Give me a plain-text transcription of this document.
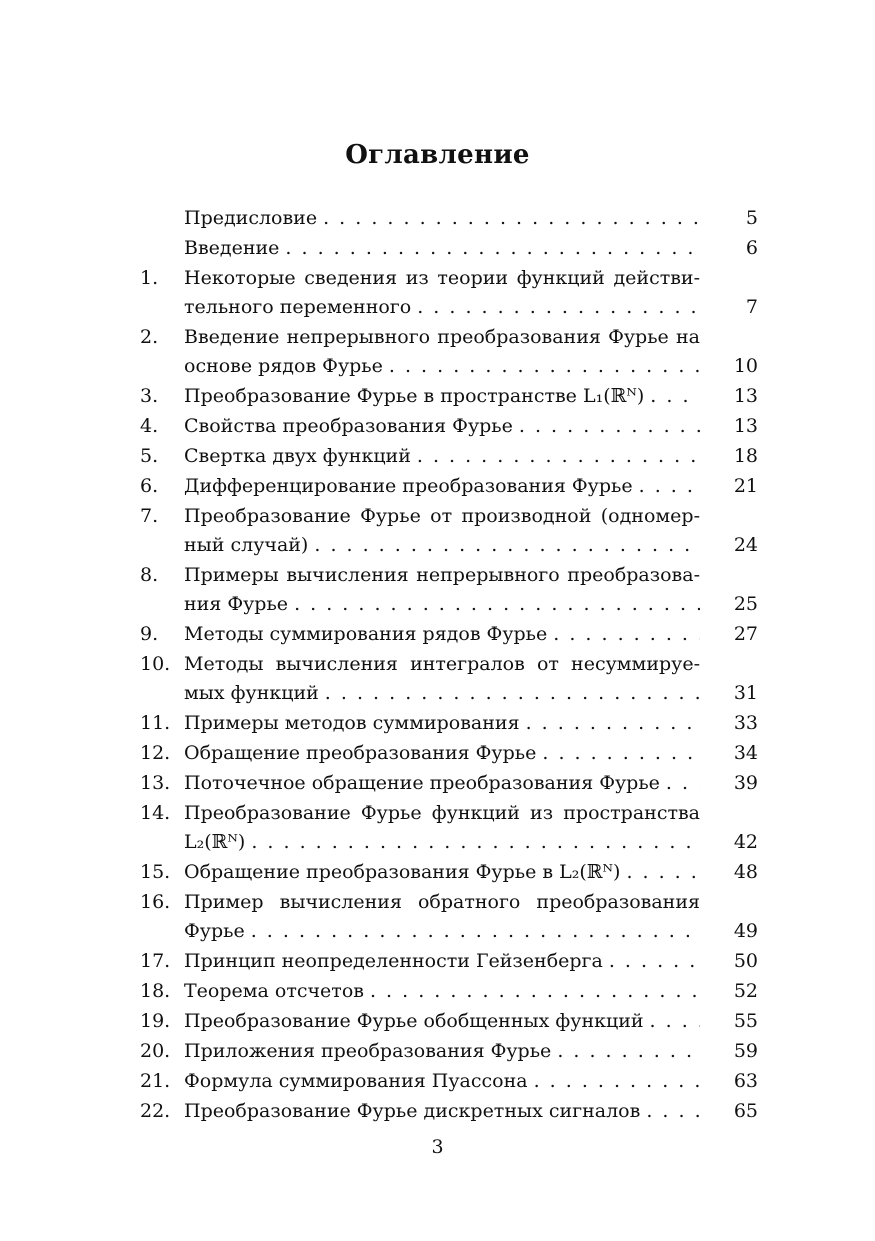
Оглавление
Предисловие . . .	5
Введение . . .	6
1. Некоторые сведения из теории функций действи-
тельного переменного . . .	7
2. Введение непрерывного преобразования Фурье на
основе рядов Фурье . . .	10
3. Преобразование Фурье в пространстве L₁(ℝᴺ) . . .	13
4. Свойства преобразования Фурье . . .	13
5. Свертка двух функций . . .	18
6. Дифференцирование преобразования Фурье . . .	21
7. Преобразование Фурье от производной (одномер-
ный случай) . . .	24
8. Примеры вычисления непрерывного преобразова-
ния Фурье . . .	25
9. Методы суммирования рядов Фурье . . .	27
10. Методы вычисления интегралов от несуммируе-
мых функций . . .	31
11. Примеры методов суммирования . . .	33
12. Обращение преобразования Фурье . . .	34
13. Поточечное обращение преобразования Фурье . . .	39
14. Преобразование Фурье функций из пространства
L₂(ℝᴺ) . . .	42
15. Обращение преобразования Фурье в L₂(ℝᴺ) . . .	48
16. Пример вычисления обратного преобразования
Фурье . . .	49
17. Принцип неопределенности Гейзенберга . . .	50
18. Теорема отсчетов . . .	52
19. Преобразование Фурье обобщенных функций . . .	55
20. Приложения преобразования Фурье . . .	59
21. Формула суммирования Пуассона . . .	63
22. Преобразование Фурье дискретных сигналов . . .	65
3
